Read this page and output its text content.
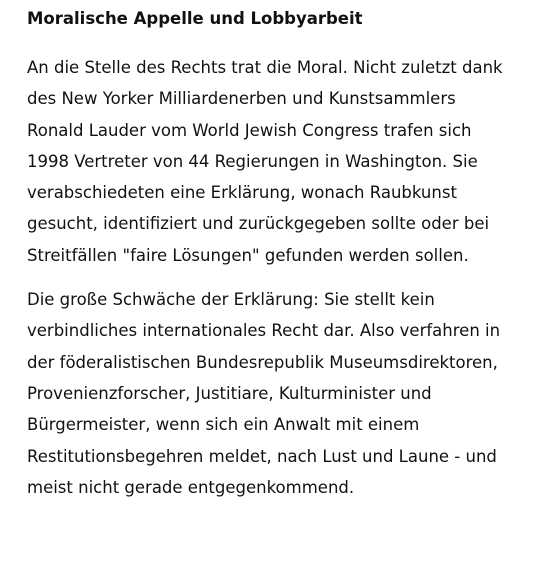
Moralische Appelle und Lobbyarbeit

An die Stelle des Rechts trat die Moral. Nicht zuletzt dank
des New Yorker Milliardenerben und Kunstsammlers
Ronald Lauder vom World Jewish Congress trafen sich
1998 Vertreter von 44 Regierungen in Washington. Sie
verabschiedeten eine Erklärung, wonach Raubkunst
gesucht, identifiziert und zurückgegeben sollte oder bei
Streitfällen "faire Lösungen" gefunden werden sollen.

Die große Schwäche der Erklärung: Sie stellt kein
verbindliches internationales Recht dar. Also verfahren in
der föderalistischen Bundesrepublik Museumsdirektoren,
Provenienzforscher, Justitiare, Kulturminister und
Bürgermeister, wenn sich ein Anwalt mit einem
Restitutionsbegehren meldet, nach Lust und Laune - und
meist nicht gerade entgegenkommend.
